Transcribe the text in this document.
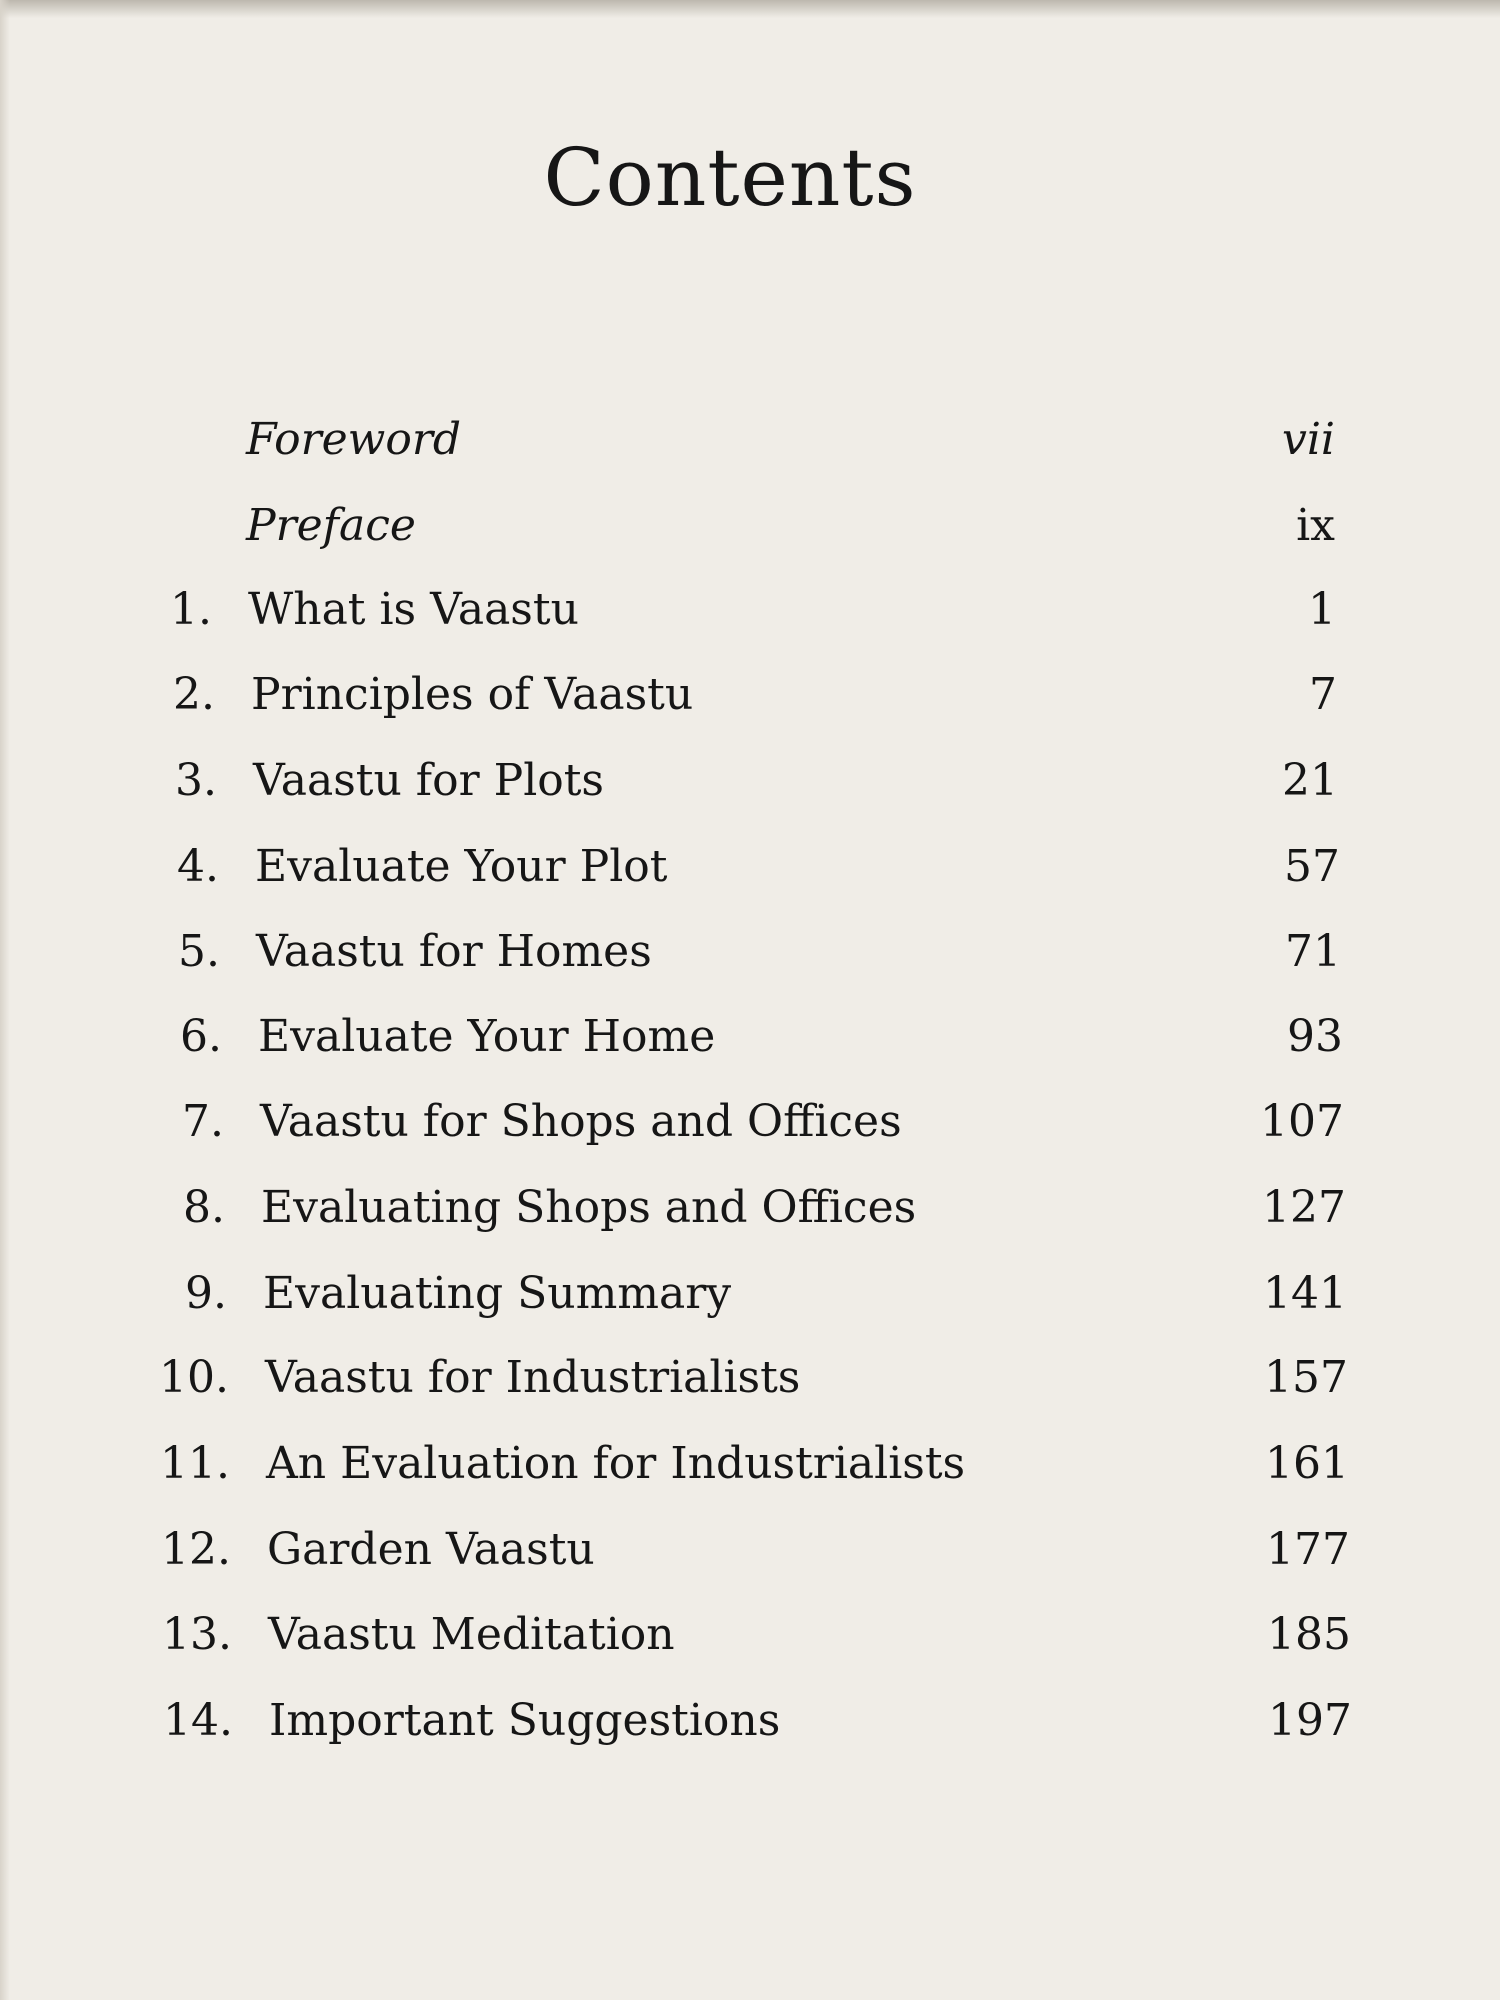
Contents
Foreword	vii
Preface	ix
1. What is Vaastu	1
2. Principles of Vaastu	7
3. Vaastu for Plots	21
4. Evaluate Your Plot	57
5. Vaastu for Homes	71
6. Evaluate Your Home	93
7. Vaastu for Shops and Offices	107
8. Evaluating Shops and Offices	127
9. Evaluating Summary	141
10. Vaastu for Industrialists	157
11. An Evaluation for Industrialists	161
12. Garden Vaastu	177
13. Vaastu Meditation	185
14. Important Suggestions	197
